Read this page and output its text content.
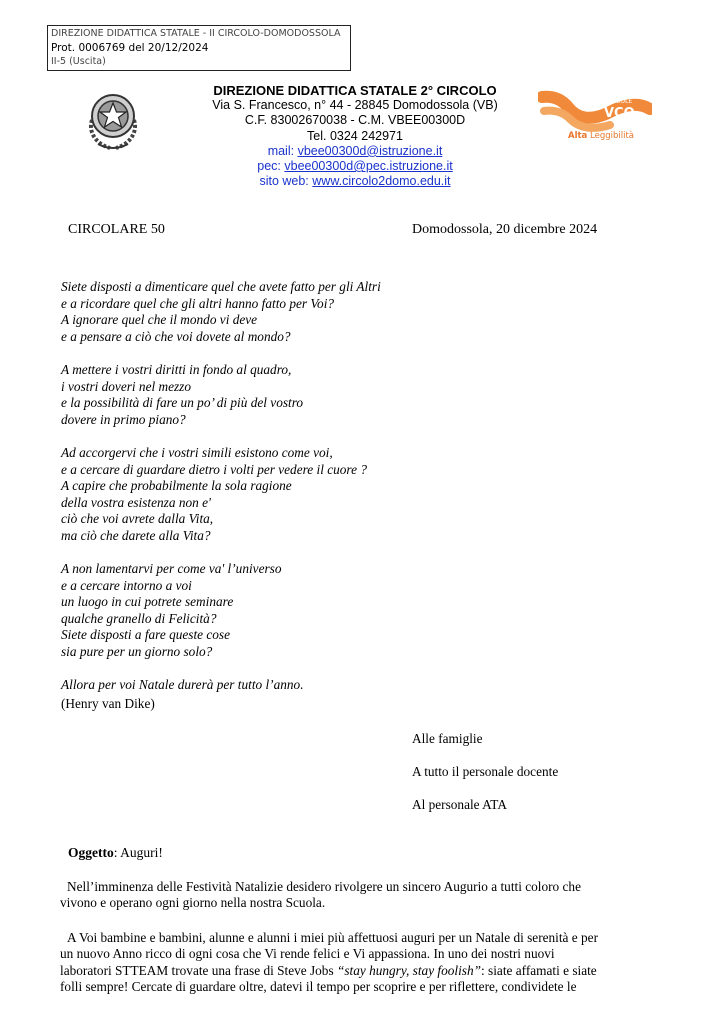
DIREZIONE DIDATTICA STATALE - II CIRCOLO-DOMODOSSOLA
Prot. 0006769 del 20/12/2024
II-5 (Uscita)
SCUOLE
VCO
Alta Leggibilità
DIREZIONE DIDATTICA STATALE 2° CIRCOLO
Via S. Francesco, n° 44 - 28845 Domodossola (VB)
C.F. 83002670038 - C.M. VBEE00300D
Tel. 0324 242971
mail: vbee00300d@istruzione.it
pec: vbee00300d@pec.istruzione.it
sito web: www.circolo2domo.edu.it
CIRCOLARE 50	Domodossola, 20 dicembre 2024
Siete disposti a dimenticare quel che avete fatto per gli Altri
e a ricordare quel che gli altri hanno fatto per Voi?
A ignorare quel che il mondo vi deve
e a pensare a ciò che voi dovete al mondo?
A mettere i vostri diritti in fondo al quadro,
i vostri doveri nel mezzo
e la possibilità di fare un po’ di più del vostro
dovere in primo piano?
Ad accorgervi che i vostri simili esistono come voi,
e a cercare di guardare dietro i volti per vedere il cuore ?
A capire che probabilmente la sola ragione
della vostra esistenza non e'
ciò che voi avrete dalla Vita,
ma ciò che darete alla Vita?
A non lamentarvi per come va' l’universo
e a cercare intorno a voi
un luogo in cui potrete seminare
qualche granello di Felicità?
Siete disposti a fare queste cose
sia pure per un giorno solo?
Allora per voi Natale durerà per tutto l’anno.
(Henry van Dike)
Alle famiglie
A tutto il personale docente
Al personale ATA
Oggetto: Auguri!
Nell’imminenza delle Festività Natalizie desidero rivolgere un sincero Augurio a tutti coloro che
vivono e operano ogni giorno nella nostra Scuola.
A Voi bambine e bambini, alunne e alunni i miei più affettuosi auguri per un Natale di serenità e per
un nuovo Anno ricco di ogni cosa che Vi rende felici e Vi appassiona. In uno dei nostri nuovi
laboratori STTEAM trovate una frase di Steve Jobs “stay hungry, stay foolish”: siate affamati e siate
folli sempre! Cercate di guardare oltre, datevi il tempo per scoprire e per riflettere, condividete le
